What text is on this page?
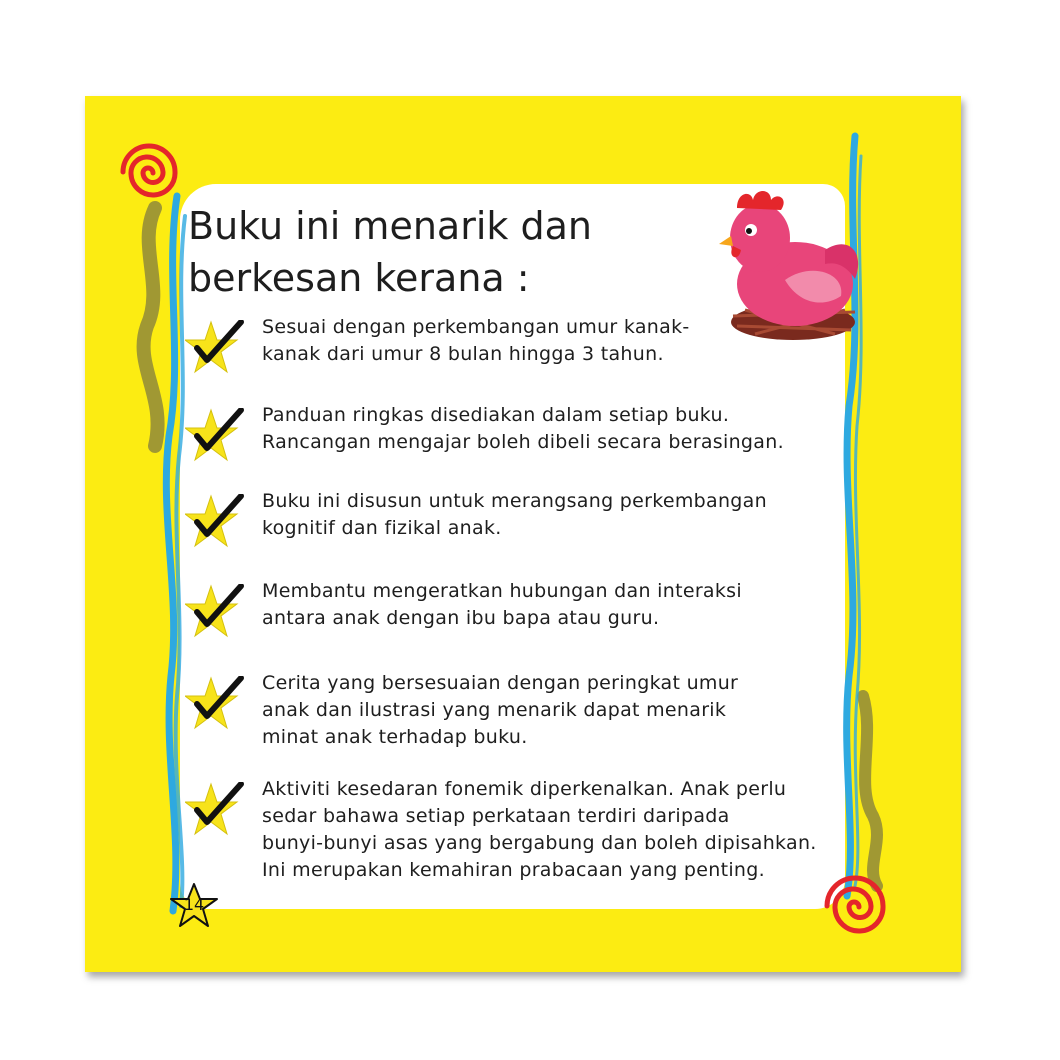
Buku ini menarik dan
berkesan kerana :

Sesuai dengan perkembangan umur kanak-
kanak dari umur 8 bulan hingga 3 tahun.

Panduan ringkas disediakan dalam setiap buku.
Rancangan mengajar boleh dibeli secara berasingan.

Buku ini disusun untuk merangsang perkembangan
kognitif dan fizikal anak.

Membantu mengeratkan hubungan dan interaksi
antara anak dengan ibu bapa atau guru.

Cerita yang bersesuaian dengan peringkat umur
anak dan ilustrasi yang menarik dapat menarik
minat anak terhadap buku.

Aktiviti kesedaran fonemik diperkenalkan. Anak perlu
sedar bahawa setiap perkataan terdiri daripada
bunyi-bunyi asas yang bergabung dan boleh dipisahkan.
Ini merupakan kemahiran prabacaan yang penting.

14
